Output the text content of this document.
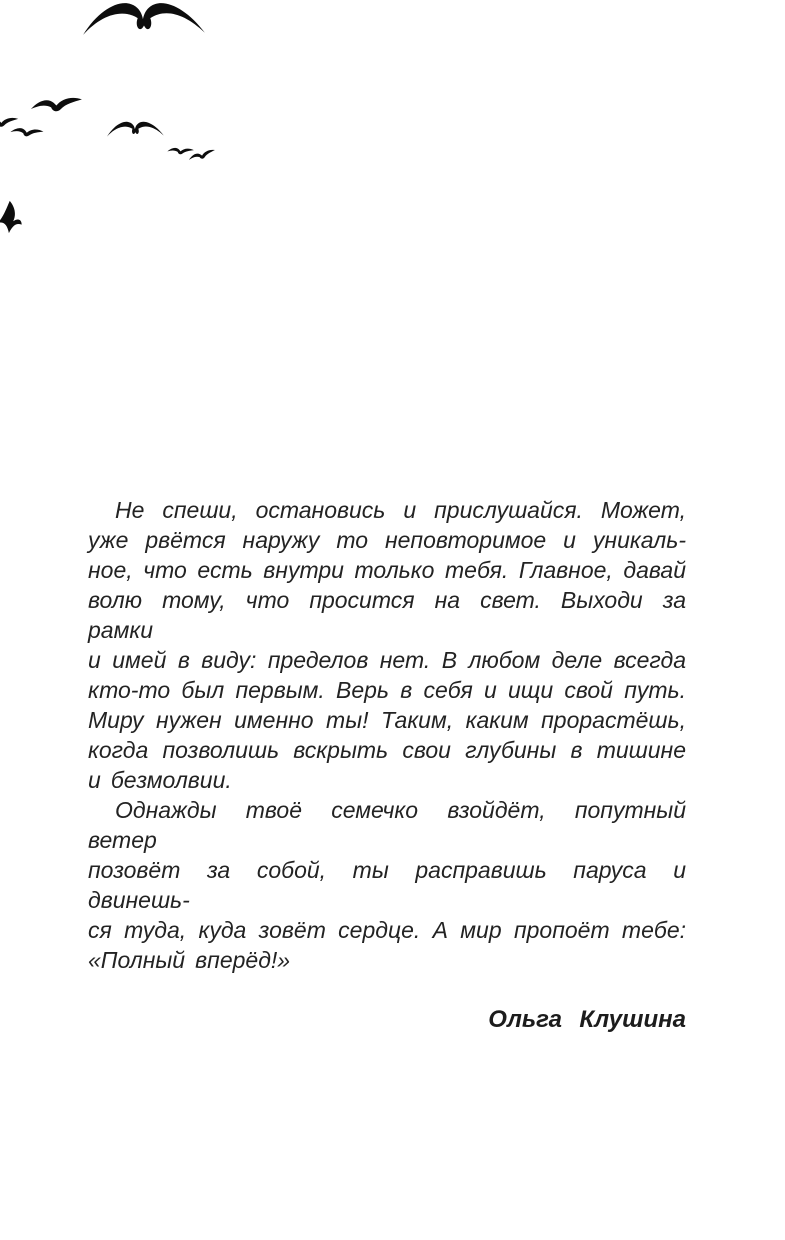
Не спеши, остановись и прислушайся. Может,
уже рвётся наружу то неповторимое и уникаль-
ное, что есть внутри только тебя. Главное, давай
волю тому, что просится на свет. Выходи за рамки
и имей в виду: пределов нет. В любом деле всегда
кто-то был первым. Верь в себя и ищи свой путь.
Миру нужен именно ты! Таким, каким прорастёшь,
когда позволишь вскрыть свои глубины в тишине
и безмолвии.
Однажды твоё семечко взойдёт, попутный ветер
позовёт за собой, ты расправишь паруса и двинешь-
ся туда, куда зовёт сердце. А мир пропоёт тебе:
«Полный вперёд!»
Ольга Клушина
